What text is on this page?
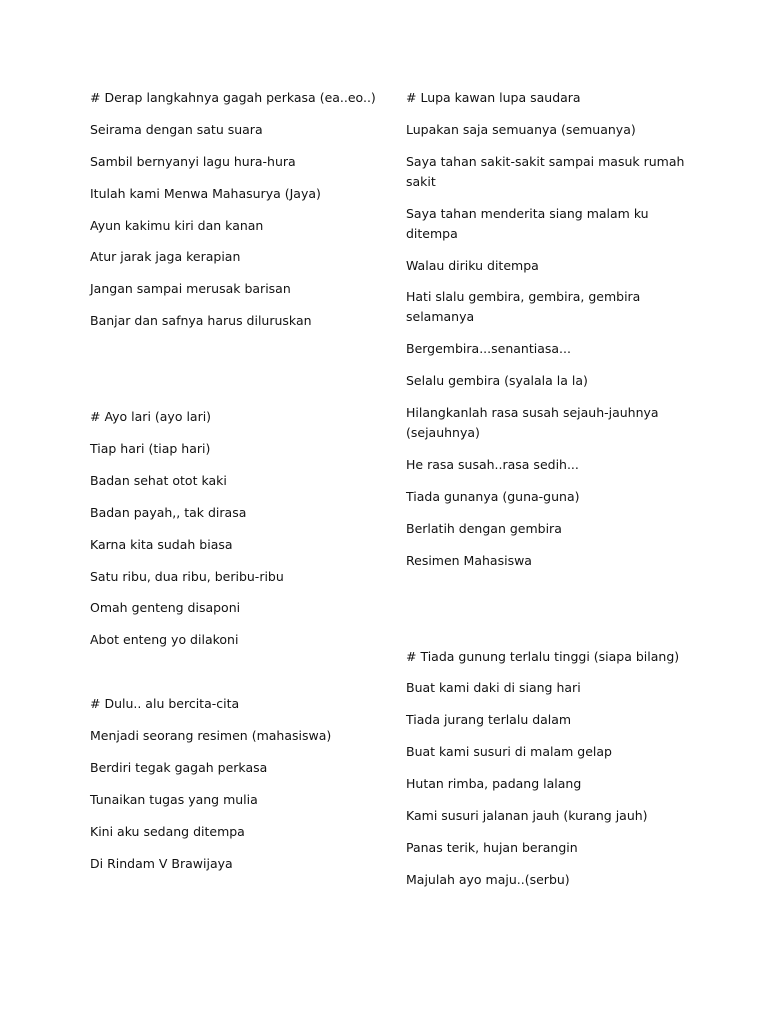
# Derap langkahnya gagah perkasa (ea..eo..)
Seirama dengan satu suara
Sambil bernyanyi lagu hura-hura
Itulah kami Menwa Mahasurya (Jaya)
Ayun kakimu kiri dan kanan
Atur jarak jaga kerapian
Jangan sampai merusak barisan
Banjar dan safnya harus diluruskan
# Ayo lari (ayo lari)
Tiap hari (tiap hari)
Badan sehat otot kaki
Badan payah,, tak dirasa
Karna kita sudah biasa
Satu ribu, dua ribu, beribu-ribu
Omah genteng disaponi
Abot enteng yo dilakoni
# Dulu.. alu bercita-cita
Menjadi seorang resimen (mahasiswa)
Berdiri tegak gagah perkasa
Tunaikan tugas yang mulia
Kini aku sedang ditempa
Di Rindam V Brawijaya
# Lupa kawan lupa saudara
Lupakan saja semuanya (semuanya)
Saya tahan sakit-sakit sampai masuk rumah sakit
Saya tahan menderita siang malam ku ditempa
Walau diriku ditempa
Hati slalu gembira, gembira, gembira selamanya
Bergembira...senantiasa...
Selalu gembira (syalala la la)
Hilangkanlah rasa susah sejauh-jauhnya (sejauhnya)
He rasa susah..rasa sedih...
Tiada gunanya (guna-guna)
Berlatih dengan gembira
Resimen Mahasiswa
# Tiada gunung terlalu tinggi (siapa bilang)
Buat kami daki di siang hari
Tiada jurang terlalu dalam
Buat kami susuri di malam gelap
Hutan rimba, padang lalang
Kami susuri jalanan jauh (kurang jauh)
Panas terik, hujan berangin
Majulah ayo maju..(serbu)
